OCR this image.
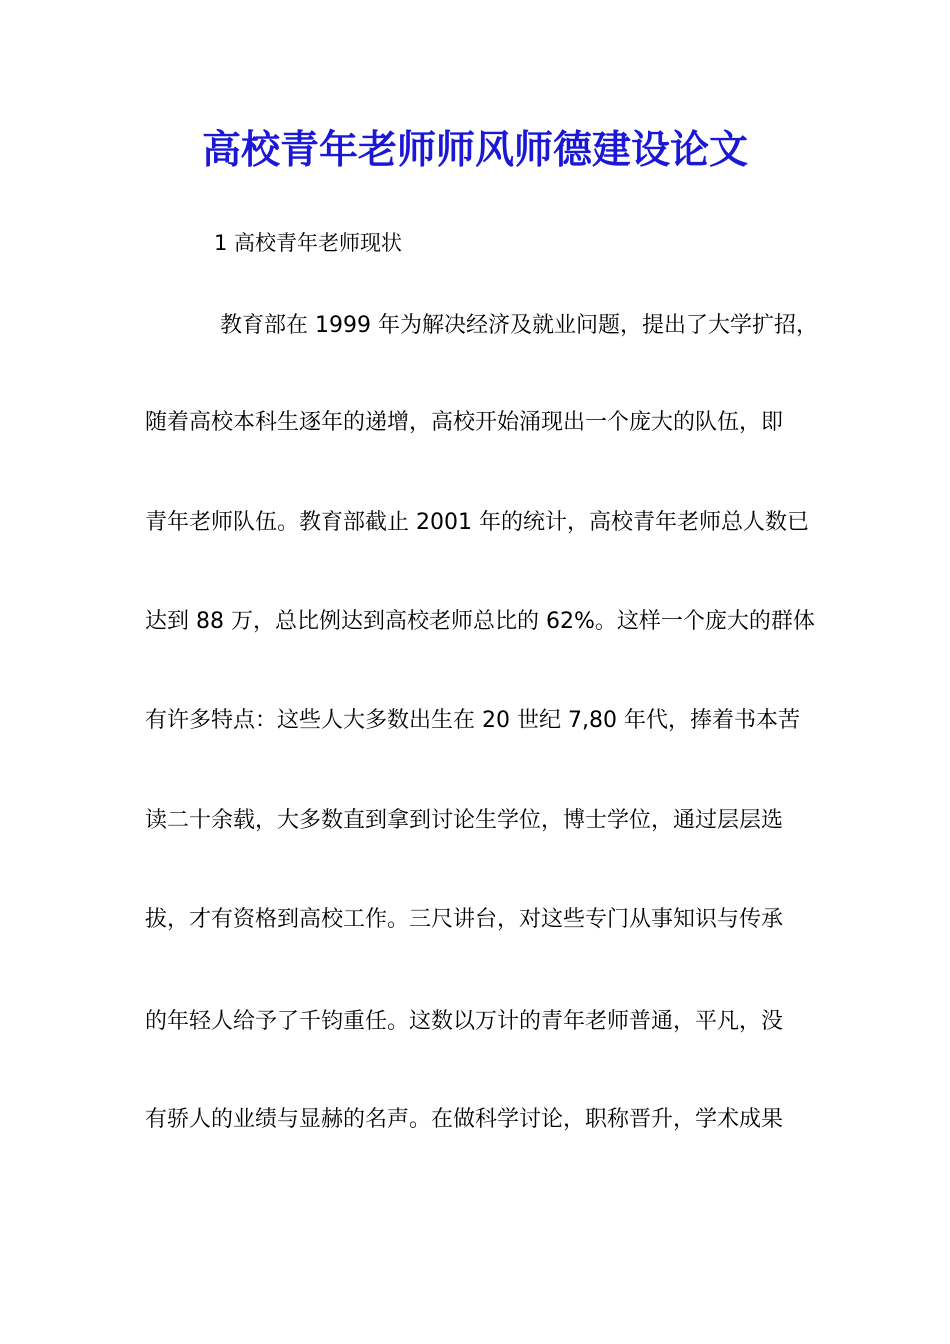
高校青年老师师风师德建设论文
1 高校青年老师现状
教育部在 1999 年为解决经济及就业问题，提出了大学扩招，
随着高校本科生逐年的递增，高校开始涌现出一个庞大的队伍，即
青年老师队伍。教育部截止 2001 年的统计，高校青年老师总人数已
达到 88 万，总比例达到高校老师总比的 62%。这样一个庞大的群体
有许多特点：这些人大多数出生在 20 世纪 7,80 年代，捧着书本苦
读二十余载，大多数直到拿到讨论生学位，博士学位，通过层层选
拔，才有资格到高校工作。三尺讲台，对这些专门从事知识与传承
的年轻人给予了千钧重任。这数以万计的青年老师普通，平凡，没
有骄人的业绩与显赫的名声。在做科学讨论，职称晋升，学术成果
